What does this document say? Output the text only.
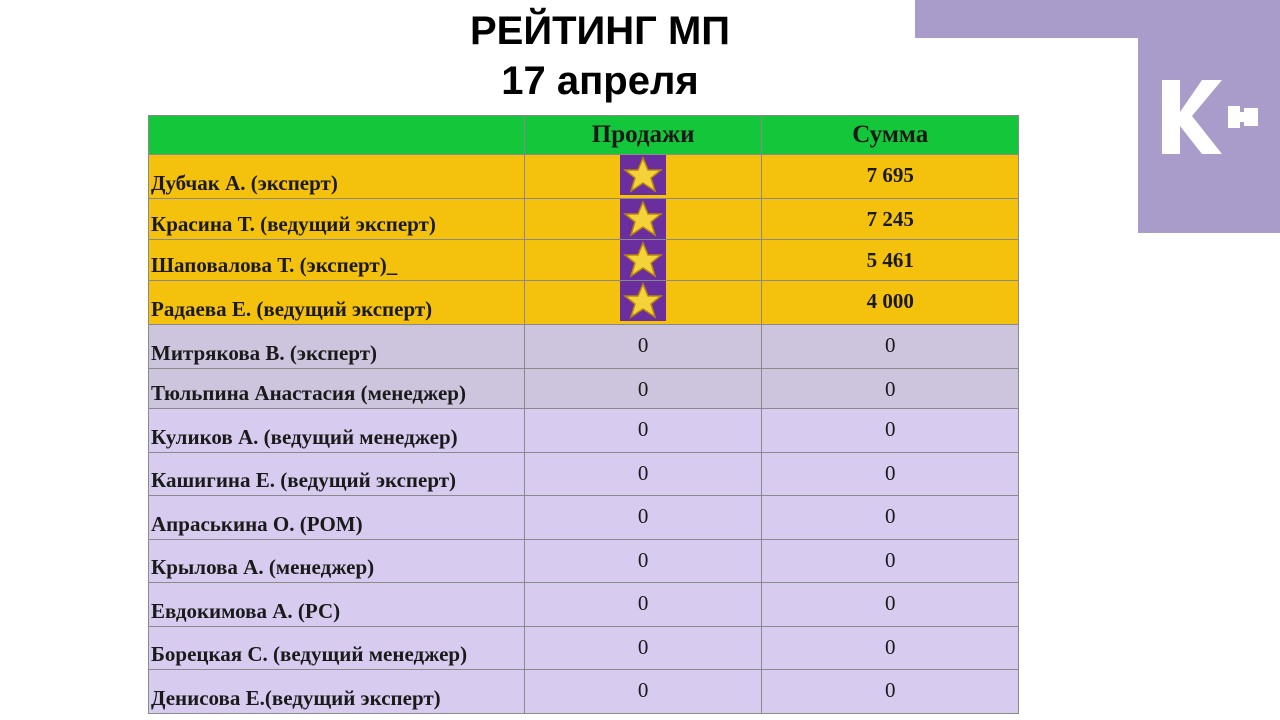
РЕЙТИНГ МП
17 апреля
	Продажи	Сумма
Дубчак А. (эксперт)		7 695
Красина Т. (ведущий эксперт)		7 245
Шаповалова Т. (эксперт)_		5 461
Радаева Е. (ведущий эксперт)		4 000
Митрякова В. (эксперт)	0	0
Тюльпина Анастасия (менеджер)	0	0
Куликов А. (ведущий менеджер)	0	0
Кашигина Е. (ведущий эксперт)	0	0
Апраськина О. (РОМ)	0	0
Крылова А. (менеджер)	0	0
Евдокимова А. (РС)	0	0
Борецкая С. (ведущий менеджер)	0	0
Денисова Е.(ведущий эксперт)	0	0
